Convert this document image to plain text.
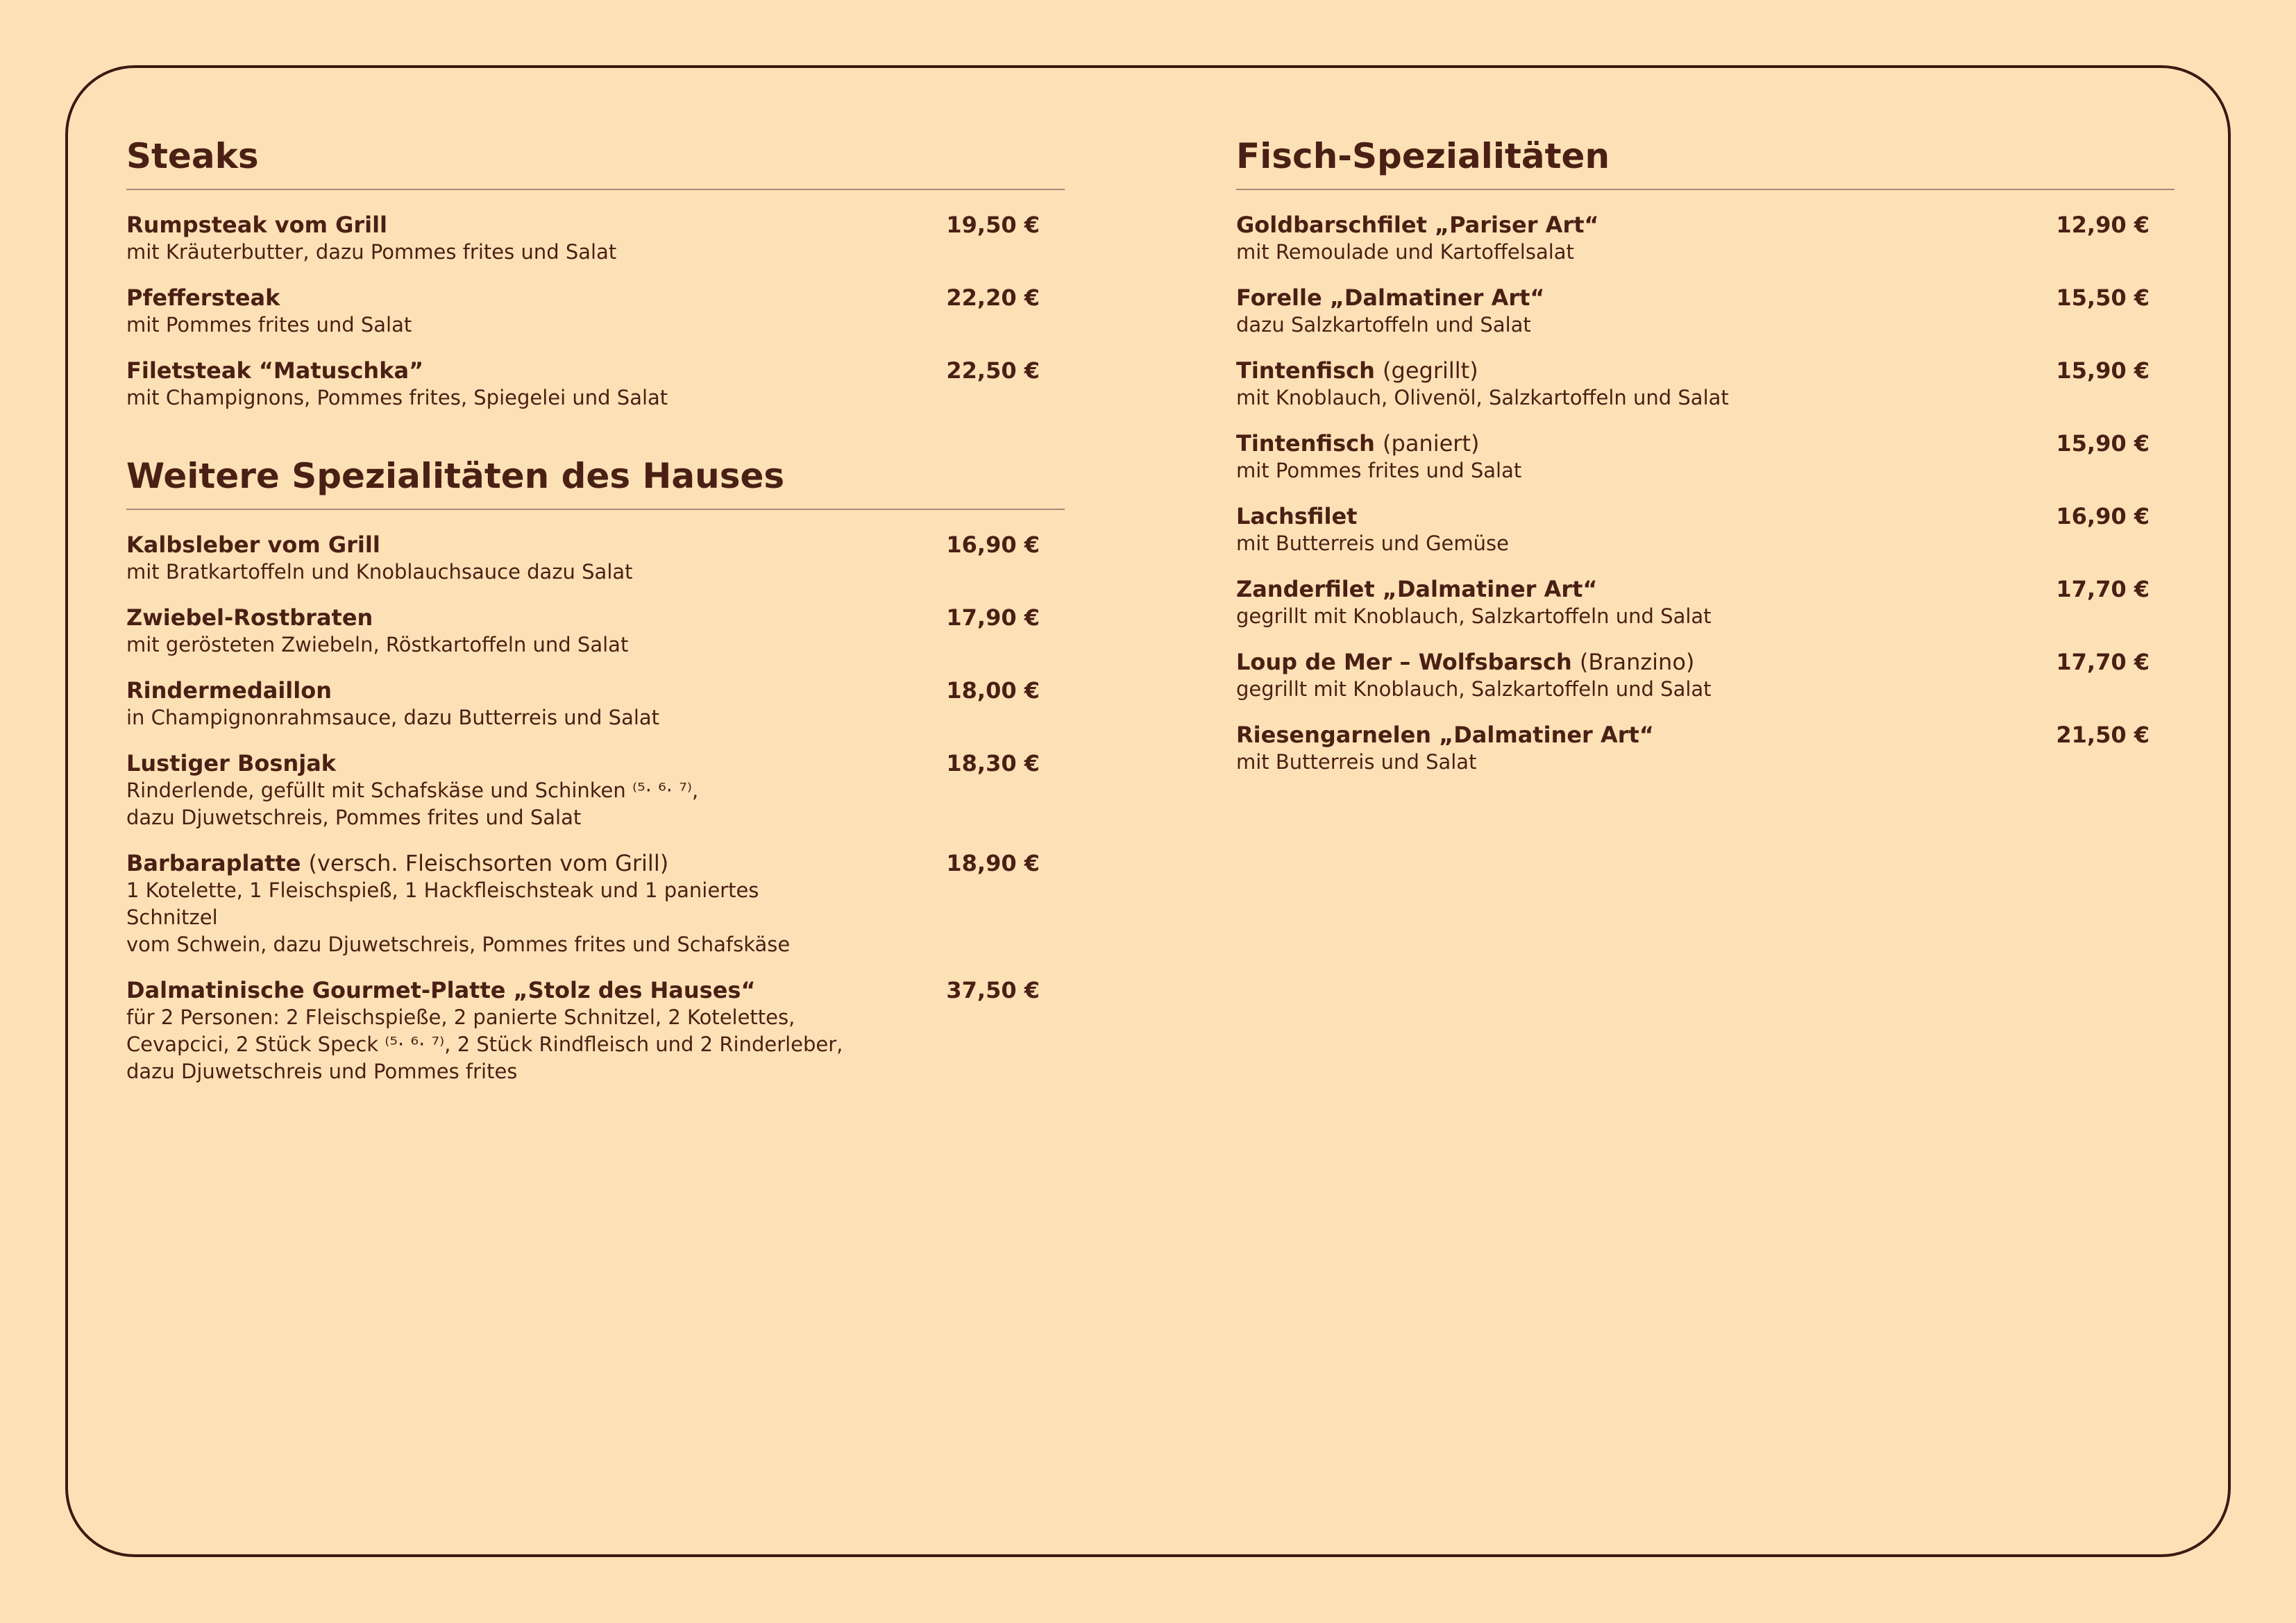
Steaks
Rumpsteak vom Grill	19,50 €
mit Kräuterbutter, dazu Pommes frites und Salat
Pfeffersteak	22,20 €
mit Pommes frites und Salat
Filetsteak “Matuschka”	22,50 €
mit Champignons, Pommes frites, Spiegelei und Salat
Weitere Spezialitäten des Hauses
Kalbsleber vom Grill	16,90 €
mit Bratkartoffeln und Knoblauchsauce dazu Salat
Zwiebel-Rostbraten	17,90 €
mit gerösteten Zwiebeln, Röstkartoffeln und Salat
Rindermedaillon	18,00 €
in Champignonrahmsauce, dazu Butterreis und Salat
Lustiger Bosnjak	18,30 €
Rinderlende, gefüllt mit Schafskäse und Schinken ⁽⁵· ⁶· ⁷⁾,
dazu Djuwetschreis, Pommes frites und Salat
Barbaraplatte (versch. Fleischsorten vom Grill)	18,90 €
1 Kotelette, 1 Fleischspieß, 1 Hackfleischsteak und 1 paniertes Schnitzel
vom Schwein, dazu Djuwetschreis, Pommes frites und Schafskäse
Dalmatinische Gourmet-Platte „Stolz des Hauses“	37,50 €
für 2 Personen: 2 Fleischspieße, 2 panierte Schnitzel, 2 Kotelettes,
Cevapcici, 2 Stück Speck ⁽⁵· ⁶· ⁷⁾, 2 Stück Rindfleisch und 2 Rinderleber,
dazu Djuwetschreis und Pommes frites
Fisch-Spezialitäten
Goldbarschfilet „Pariser Art“	12,90 €
mit Remoulade und Kartoffelsalat
Forelle „Dalmatiner Art“	15,50 €
dazu Salzkartoffeln und Salat
Tintenfisch (gegrillt)	15,90 €
mit Knoblauch, Olivenöl, Salzkartoffeln und Salat
Tintenfisch (paniert)	15,90 €
mit Pommes frites und Salat
Lachsfilet	16,90 €
mit Butterreis und Gemüse
Zanderfilet „Dalmatiner Art“	17,70 €
gegrillt mit Knoblauch, Salzkartoffeln und Salat
Loup de Mer – Wolfsbarsch (Branzino)	17,70 €
gegrillt mit Knoblauch, Salzkartoffeln und Salat
Riesengarnelen „Dalmatiner Art“	21,50 €
mit Butterreis und Salat
